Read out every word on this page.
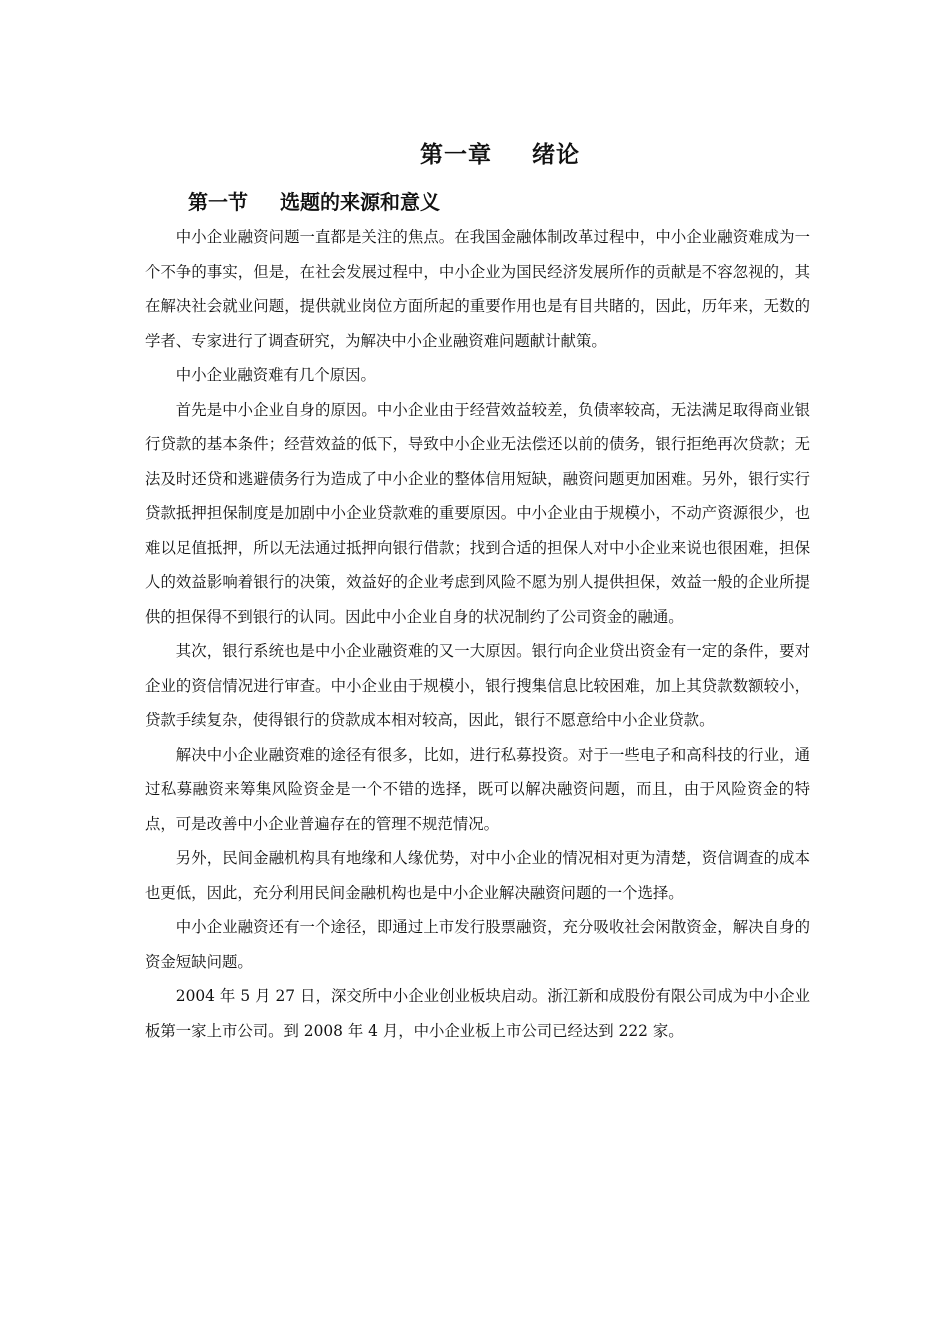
第一章 绪论
第一节 选题的来源和意义

中小企业融资问题一直都是关注的焦点。在我国金融体制改革过程中，中小企业融资难成为一个不争的事实，但是，在社会发展过程中，中小企业为国民经济发展所作的贡献是不容忽视的，其在解决社会就业问题，提供就业岗位方面所起的重要作用也是有目共睹的，因此，历年来，无数的学者、专家进行了调查研究，为解决中小企业融资难问题献计献策。

中小企业融资难有几个原因。

首先是中小企业自身的原因。中小企业由于经营效益较差，负债率较高，无法满足取得商业银行贷款的基本条件；经营效益的低下，导致中小企业无法偿还以前的债务，银行拒绝再次贷款；无法及时还贷和逃避债务行为造成了中小企业的整体信用短缺，融资问题更加困难。另外，银行实行贷款抵押担保制度是加剧中小企业贷款难的重要原因。中小企业由于规模小，不动产资源很少，也难以足值抵押，所以无法通过抵押向银行借款；找到合适的担保人对中小企业来说也很困难，担保人的效益影响着银行的决策，效益好的企业考虑到风险不愿为别人提供担保，效益一般的企业所提供的担保得不到银行的认同。因此中小企业自身的状况制约了公司资金的融通。

其次，银行系统也是中小企业融资难的又一大原因。银行向企业贷出资金有一定的条件，要对企业的资信情况进行审查。中小企业由于规模小，银行搜集信息比较困难，加上其贷款数额较小，贷款手续复杂，使得银行的贷款成本相对较高，因此，银行不愿意给中小企业贷款。

解决中小企业融资难的途径有很多，比如，进行私募投资。对于一些电子和高科技的行业，通过私募融资来筹集风险资金是一个不错的选择，既可以解决融资问题，而且，由于风险资金的特点，可是改善中小企业普遍存在的管理不规范情况。

另外，民间金融机构具有地缘和人缘优势，对中小企业的情况相对更为清楚，资信调查的成本也更低，因此，充分利用民间金融机构也是中小企业解决融资问题的一个选择。

中小企业融资还有一个途径，即通过上市发行股票融资，充分吸收社会闲散资金，解决自身的资金短缺问题。

2004 年 5 月 27 日，深交所中小企业创业板块启动。浙江新和成股份有限公司成为中小企业板第一家上市公司。到 2008 年 4 月，中小企业板上市公司已经达到 222 家。
